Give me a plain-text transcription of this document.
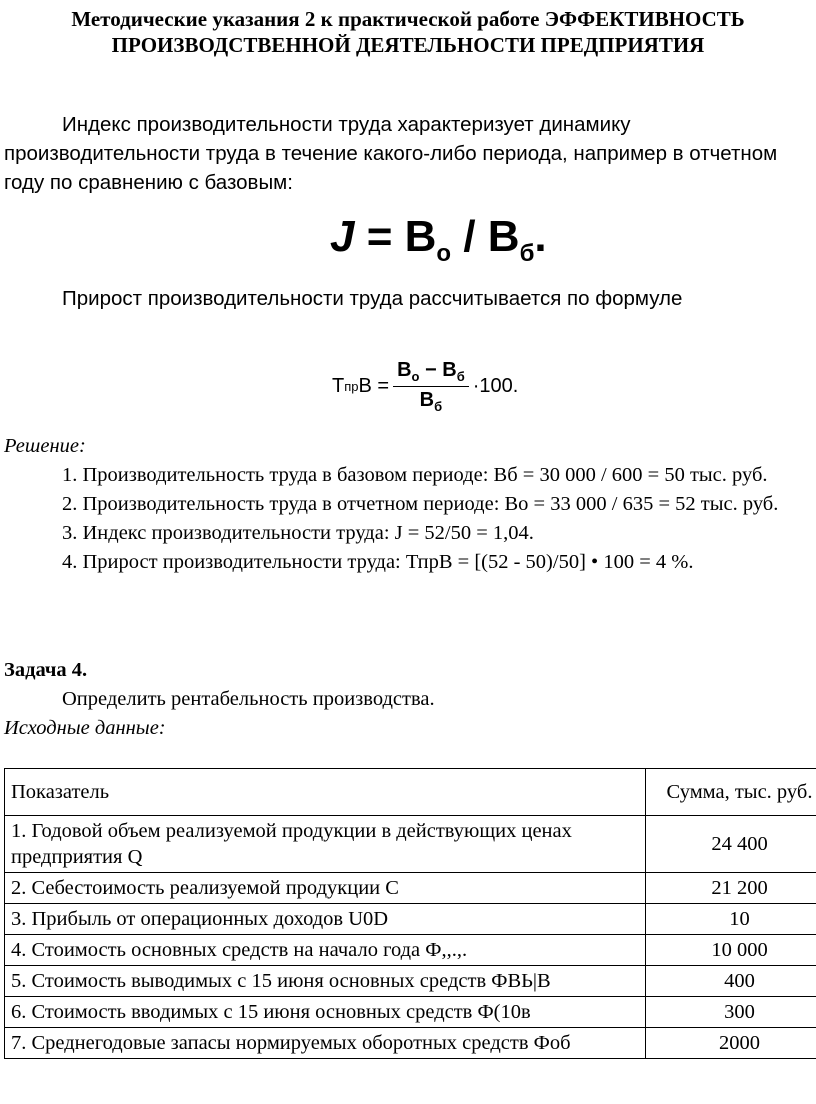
Методические указания 2 к практической работе ЭФФЕКТИВНОСТЬ
ПРОИЗВОДСТВЕННОЙ ДЕЯТЕЛЬНОСТИ ПРЕДПРИЯТИЯ
Индекс производительности труда характеризует динамику производительности труда в течение какого-либо периода, например в отчетном году по сравнению с базовым:
$J = В_о / В_б$.
Прирост производительности труда рассчитывается по формуле
Т пр $В = \frac{В_о - В_б}{В_б} \cdot 100$.
Решение:
1. Производительность труда в базовом периоде: Вб = 30 000 / 600 = 50 тыс. руб.
2. Производительность труда в отчетном периоде: Во = 33 000 / 635 = 52 тыс. руб.
3. Индекс производительности труда: J = 52/50 = 1,04.
4. Прирост производительности труда: ТпрВ = [(52 - 50)/50] • 100 = 4 %.
Задача 4.
Определить рентабельность производства.
Исходные данные:
Показатель	Сумма, тыс. руб.
1. Годовой объем реализуемой продукции в действующих ценах предприятия Q	24 400
2. Себестоимость реализуемой продукции С	21 200
3. Прибыль от операционных доходов U0D	10
4. Стоимость основных средств на начало года Ф,,.,.	10 000
5. Стоимость выводимых с 15 июня основных средств ФВЬ|В	400
6. Стоимость вводимых с 15 июня основных средств Ф(10в	300
7. Среднегодовые запасы нормируемых оборотных средств Фоб	2000
